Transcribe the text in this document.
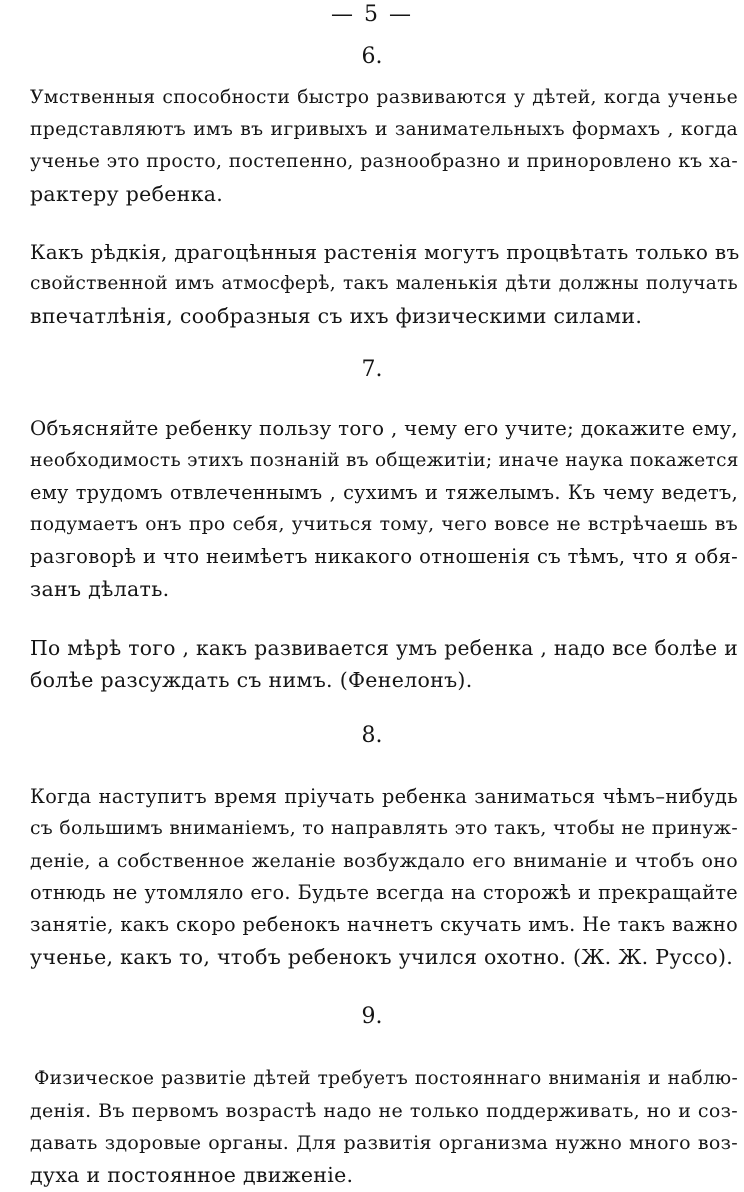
— 5 —
6.
Умственныя способности быстро развиваются у дѣтей, когда ученье
представляютъ имъ въ игривыхъ и занимательныхъ формахъ , когда
ученье это просто, постепенно, разнообразно и приноровлено къ ха-
рактеру ребенка.
Какъ рѣдкія, драгоцѣнныя растенія могутъ процвѣтать только въ
свойственной имъ атмосферѣ, такъ маленькія дѣти должны получать
впечатлѣнія, сообразныя съ ихъ физическими силами.
7.
Объясняйте ребенку пользу того , чему его учите; докажите ему,
необходимость этихъ познаній въ общежитіи; иначе наука покажется
ему трудомъ отвлеченнымъ , сухимъ и тяжелымъ. Къ чему ведетъ,
подумаетъ онъ про себя, учиться тому, чего вовсе не встрѣчаешь въ
разговорѣ и что неимѣетъ никакого отношенія съ тѣмъ, что я обя-
занъ дѣлать.
По мѣрѣ того , какъ развивается умъ ребенка , надо все болѣе и
болѣе разсуждать съ нимъ. (Фенелонъ).
8.
Когда наступитъ время пріучать ребенка заниматься чѣмъ–нибудь
съ большимъ вниманіемъ, то направлять это такъ, чтобы не принуж-
деніе, а собственное желаніе возбуждало его вниманіе и чтобъ оно
отнюдь не утомляло его. Будьте всегда на сторожѣ и прекращайте
занятіе, какъ скоро ребенокъ начнетъ скучать имъ. Не такъ важно
ученье, какъ то, чтобъ ребенокъ учился охотно. (Ж. Ж. Руссо).
9.
Физическое развитіе дѣтей требуетъ постояннаго вниманія и наблю-
денія. Въ первомъ возрастѣ надо не только поддерживать, но и соз-
давать здоровые органы. Для развитія организма нужно много воз-
духа и постоянное движеніе.
